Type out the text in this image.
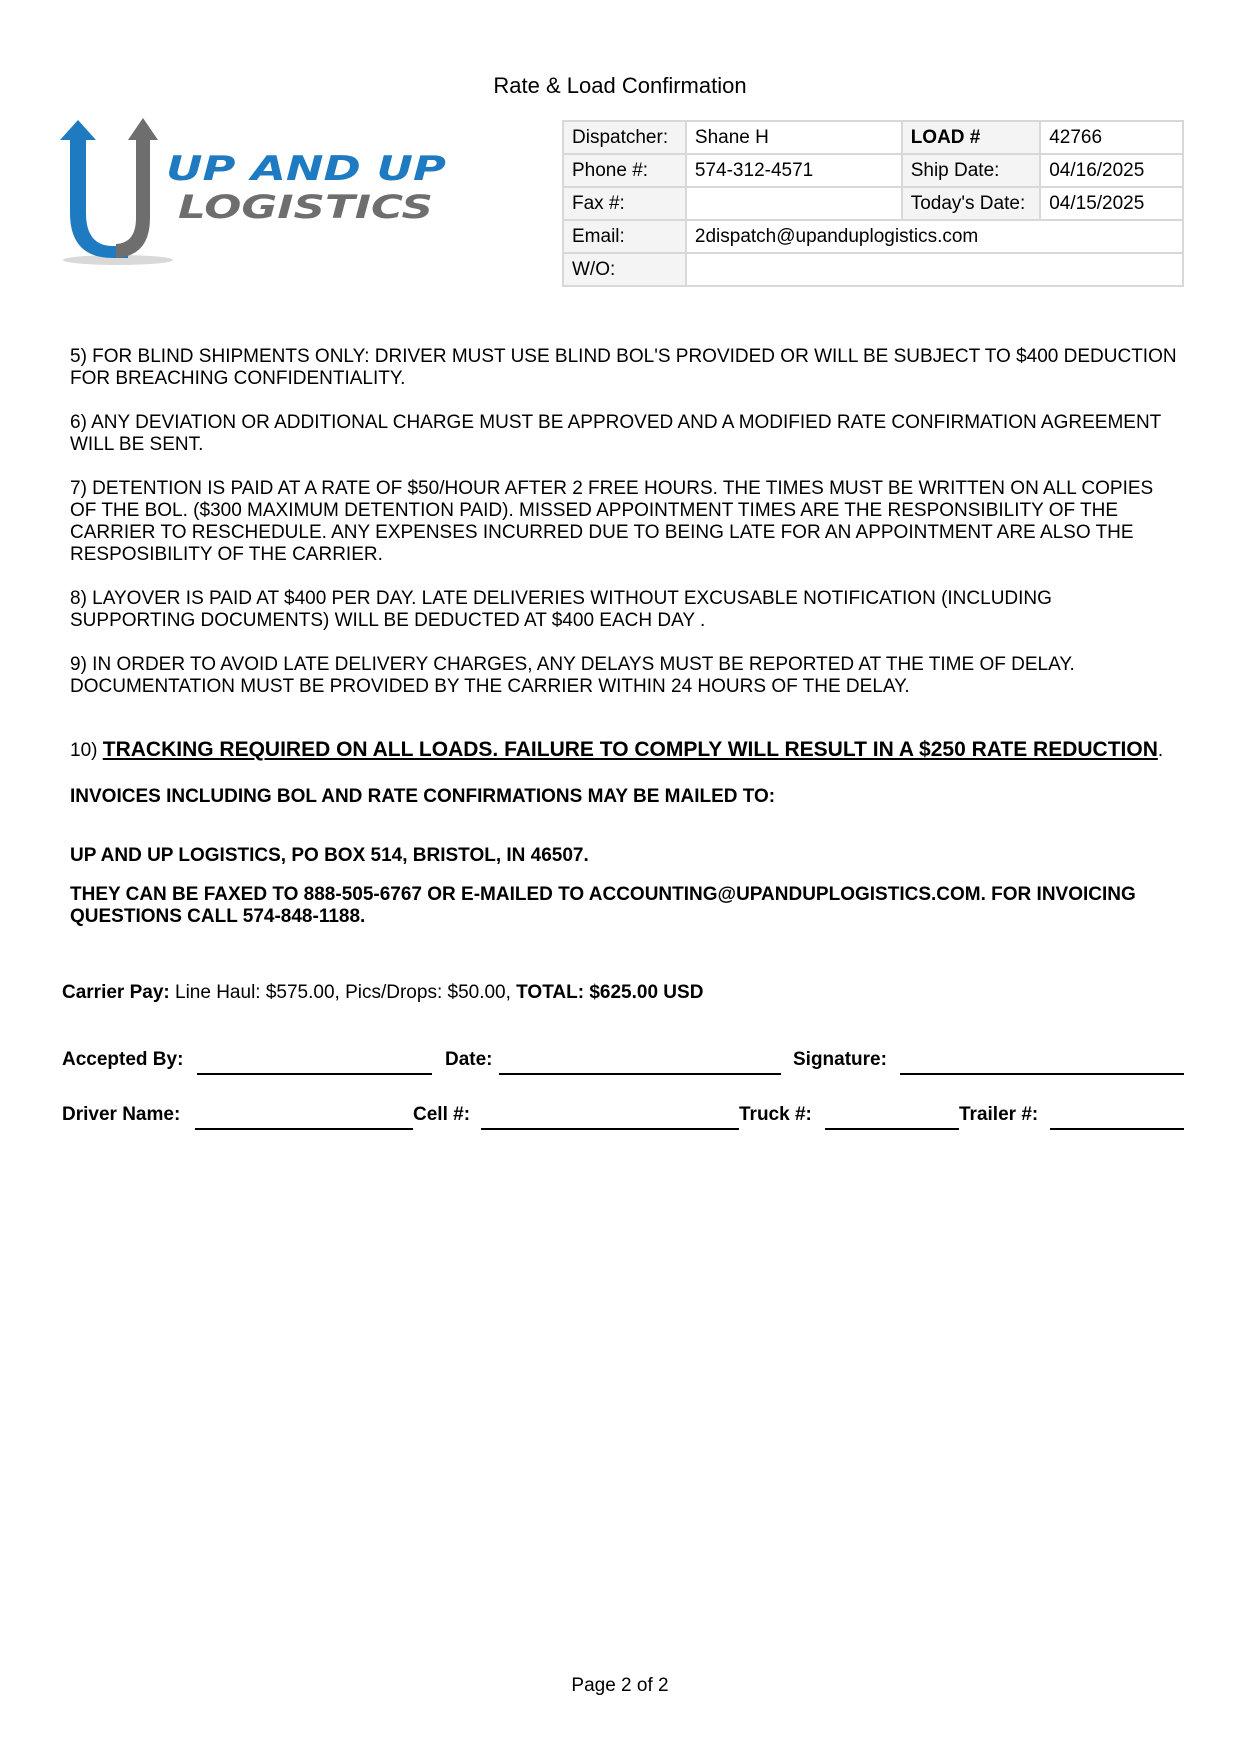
Rate & Load Confirmation
UP AND UP
LOGISTICS
Dispatcher:	Shane H	LOAD #	42766
Phone #:	574-312-4571	Ship Date:	04/16/2025
Fax #:		Today's Date:	04/15/2025
Email:	2dispatch@upanduplogistics.com		
W/O:			

5) FOR BLIND SHIPMENTS ONLY: DRIVER MUST USE BLIND BOL'S PROVIDED OR WILL BE SUBJECT TO $400 DEDUCTION FOR BREACHING CONFIDENTIALITY.

6) ANY DEVIATION OR ADDITIONAL CHARGE MUST BE APPROVED AND A MODIFIED RATE CONFIRMATION AGREEMENT WILL BE SENT.

7) DETENTION IS PAID AT A RATE OF $50/HOUR AFTER 2 FREE HOURS. THE TIMES MUST BE WRITTEN ON ALL COPIES OF THE BOL. ($300 MAXIMUM DETENTION PAID). MISSED APPOINTMENT TIMES ARE THE RESPONSIBILITY OF THE CARRIER TO RESCHEDULE. ANY EXPENSES INCURRED DUE TO BEING LATE FOR AN APPOINTMENT ARE ALSO THE RESPOSIBILITY OF THE CARRIER.

8) LAYOVER IS PAID AT $400 PER DAY. LATE DELIVERIES WITHOUT EXCUSABLE NOTIFICATION (INCLUDING SUPPORTING DOCUMENTS) WILL BE DEDUCTED AT $400 EACH DAY .

9) IN ORDER TO AVOID LATE DELIVERY CHARGES, ANY DELAYS MUST BE REPORTED AT THE TIME OF DELAY. DOCUMENTATION MUST BE PROVIDED BY THE CARRIER WITHIN 24 HOURS OF THE DELAY.

10) TRACKING REQUIRED ON ALL LOADS. FAILURE TO COMPLY WILL RESULT IN A $250 RATE REDUCTION.
INVOICES INCLUDING BOL AND RATE CONFIRMATIONS MAY BE MAILED TO:
UP AND UP LOGISTICS, PO BOX 514, BRISTOL, IN 46507.
THEY CAN BE FAXED TO 888-505-6767 OR E-MAILED TO ACCOUNTING@UPANDUPLOGISTICS.COM. FOR INVOICING QUESTIONS CALL 574-848-1188.
Carrier Pay: Line Haul: $575.00, Pics/Drops: $50.00, TOTAL: $625.00 USD
Accepted By:	Date:	Signature:
Driver Name:	Cell #:	Truck #:	Trailer #:
Page 2 of 2
